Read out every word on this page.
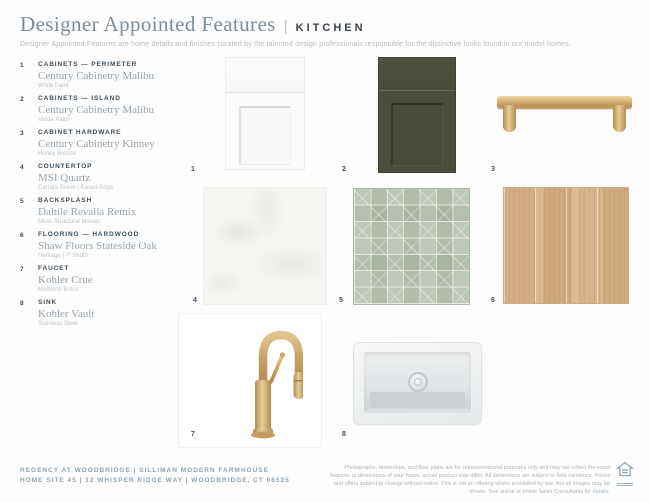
Designer Appointed Features | KITCHEN
Designer Appointed Features are home details and finishes curated by the talented design professionals responsible for the distinctive looks found in our model homes.
1	CABINETS — PERIMETER
Century Cabinetry Malibu
White Paint
2	CABINETS — ISLAND
Century Cabinetry Malibu
Verde Paint
3	CABINET HARDWARE
Century Cabinetry Kinney
Honey Bronze
4	COUNTERTOP
MSI Quartz
Carrara Breve | Eased Edge
5	BACKSPLASH
Daltile Revalia Remix
Moss Structural Mosaic
6	FLOORING — HARDWOOD
Shaw Floors Stateside Oak
Heritage | 7" Width
7	FAUCET
Kohler Crue
Moderne Brass
8	SINK
Kohler Vault
Stainless Steel
1	2	3
4	5	6
7	8
REGENCY AT WOODBRIDGE | SILLIMAN MODERN FARMHOUSE
HOME SITE 45 | 12 WHISPER RIDGE WAY | WOODBRIDGE, CT 06525
Photographs, renderings, and floor plans are for representational purposes only and may not reflect the exact features or dimensions of your home; actual product may differ. All dimensions are subject to field variations. Prices and offers subject to change without notice. This is not an offering where prohibited by law. Not all images may be shown. See online or onsite Sales Consultants for details.
